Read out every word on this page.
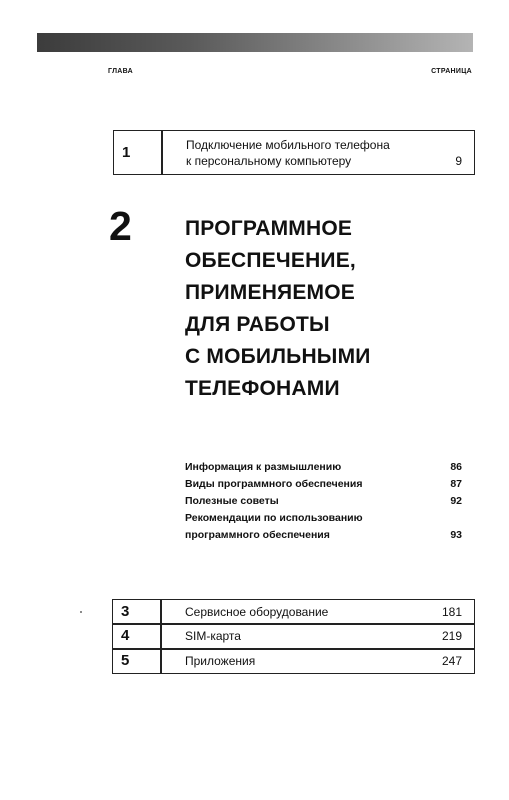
ГЛАВА	СТРАНИЦА
1	Подключение мобильного телефона
к персональному компьютеру	9
2	ПРОГРАММНОЕ
ОБЕСПЕЧЕНИЕ,
ПРИМЕНЯЕМОЕ
ДЛЯ РАБОТЫ
С МОБИЛЬНЫМИ
ТЕЛЕФОНАМИ
Информация к размышлению	86
Виды программного обеспечения	87
Полезные советы	92
Рекомендации по использованию
программного обеспечения	93
3	Сервисное оборудование	181
4	SIM-карта	219
5	Приложения	247
